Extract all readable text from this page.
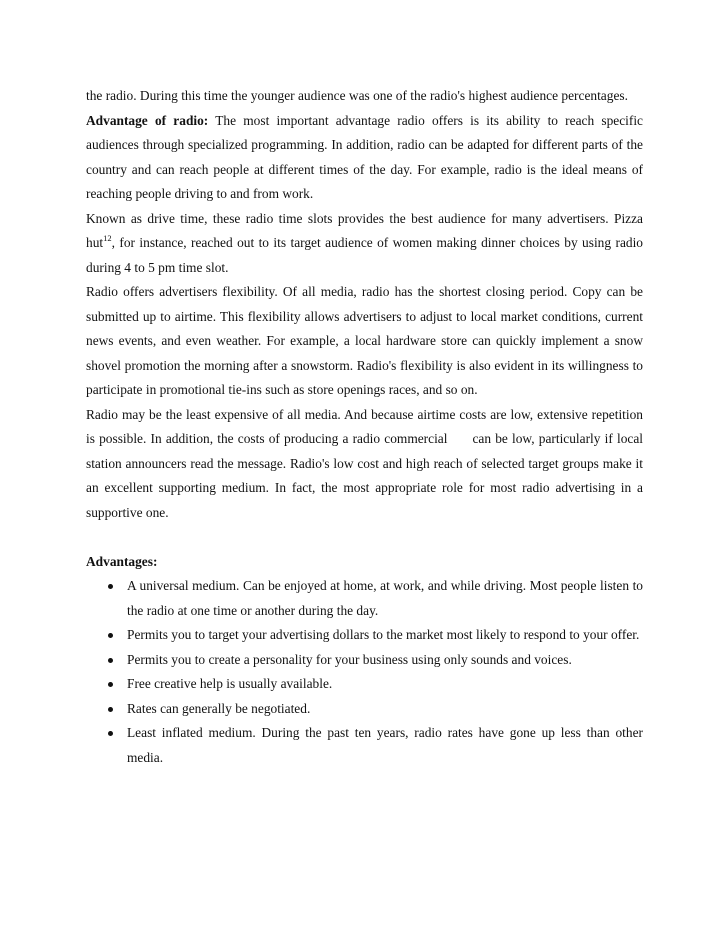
the radio. During this time the younger audience was one of the radio's highest audience percentages.

Advantage of radio: The most important advantage radio offers is its ability to reach specific audiences through specialized programming. In addition, radio can be adapted for different parts of the country and can reach people at different times of the day. For example, radio is the ideal means of reaching people driving to and from work.

Known as drive time, these radio time slots provides the best audience for many advertisers. Pizza hut$^{12}$, for instance, reached out to its target audience of women making dinner choices by using radio during 4 to 5 pm time slot.

Radio offers advertisers flexibility. Of all media, radio has the shortest closing period. Copy can be submitted up to airtime. This flexibility allows advertisers to adjust to local market conditions, current news events, and even weather. For example, a local hardware store can quickly implement a snow shovel promotion the morning after a snowstorm. Radio's flexibility is also evident in its willingness to participate in promotional tie-ins such as store openings races, and so on.

Radio may be the least expensive of all media. And because airtime costs are low, extensive repetition is possible. In addition, the costs of producing a radio commercial      can be low, particularly if local station announcers read the message. Radio's low cost and high reach of selected target groups make it an excellent supporting medium. In fact, the most appropriate role for most radio advertising in a supportive one.

Advantages:

A universal medium. Can be enjoyed at home, at work, and while driving. Most people listen to the radio at one time or another during the day.
Permits you to target your advertising dollars to the market most likely to respond to your offer.
Permits you to create a personality for your business using only sounds and voices.
Free creative help is usually available.
Rates can generally be negotiated.
Least inflated medium. During the past ten years, radio rates have gone up less than other media.
